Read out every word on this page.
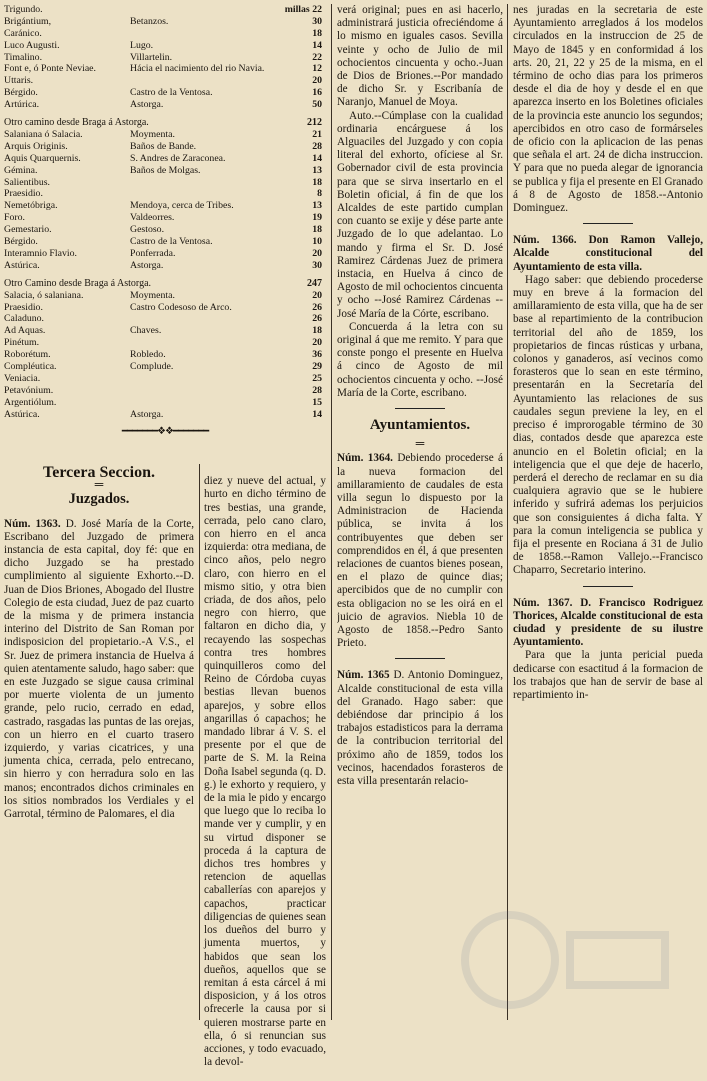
Trigundo.	millas 22
Brigántium,	Betanzos.	30
Caránico.	18
Luco Augusti.	Lugo.	14
Timalino.	Villartelin.	22
Font e, ó Ponte Neviae.	Hácia el nacimiento del rio Navia.	12
Uttaris.	20
Bérgido.	Castro de la Ventosa.	16
Artúrica.	Astorga.	50
Otro camino desde Braga á Astorga.	212
Salaniana ó Salacia.	Moymenta.	21
Arquis Originis.	Baños de Bande.	28
Aquis Quarquernis.	S. Andres de Zaraconea.	14
Gémina.	Baños de Molgas.	13
Salientibus.	18
Praesidio.	8
Nemetóbriga.	Mendoya, cerca de Tribes.	13
Foro.	Valdeorres.	19
Gemestario.	Gestoso.	18
Bérgido.	Castro de la Ventosa.	10
Interamnio Flavio.	Ponferrada.	20
Astúrica.	Astorga.	30
Otro Camino desde Braga á Astorga.	247
Salacia, ó salaniana.	Moymenta.	20
Praesidio.	Castro Codesoso de Arco.	26
Caladuno.	26
Ad Aquas.	Chaves.	18
Pinétum.	20
Roborétum.	Robledo.	36
Compléutica.	Complude.	29
Veniacia.	25
Petavónium.	28
Argentiólum.	15
Astúrica.	Astorga.	14
━━━━━━━❖❖━━━━━━━
Tercera Seccion.
═
Juzgados.

Núm. 1363. D. José María de la Corte, Escribano del Juzgado de primera instancia de esta capital, doy fé: que en dicho Juzgado se ha prestado cumplimiento al siguiente Exhorto.--D. Juan de Dios Briones, Abogado del Ilustre Colegio de esta ciudad, Juez de paz cuarto de la misma y de primera instancia interino del Distrito de San Roman por indisposicion del propietario.-A V.S., el Sr. Juez de primera instancia de Huelva á quien atentamente saludo, hago saber: que en este Juzgado se sigue causa criminal por muerte violenta de un jumento grande, pelo rucio, cerrado en edad, castrado, rasgadas las puntas de las orejas, con un hierro en el cuarto trasero izquierdo, y varias cicatrices, y una jumenta chica, cerrada, pelo entrecano, sin hierro y con herradura solo en las manos; encontrados dichos criminales en los sitios nombrados los Verdiales y el Garrotal, término de Palomares, el dia

diez y nueve del actual, y hurto en dicho término de tres bestias, una grande, cerrada, pelo cano claro, con hierro en el anca izquierda: otra mediana, de cinco años, pelo negro claro, con hierro en el mismo sitio, y otra bien criada, de dos años, pelo negro con hierro, que faltaron en dicho dia, y recayendo las sospechas contra tres hombres quinquilleros como del Reino de Córdoba cuyas bestias llevan buenos aparejos, y sobre ellos angarillas ó capachos; he mandado librar á V. S. el presente por el que de parte de S. M. la Reina Doña Isabel segunda (q. D. g.) le exhorto y requiero, y de la mia le pido y encargo que luego que lo reciba lo mande ver y cumplir, y en su virtud disponer se proceda á la captura de dichos tres hombres y retencion de aquellas caballerías con aparejos y capachos, practicar diligencias de quienes sean los dueños del burro y jumenta muertos, y habidos que sean los dueños, aquellos que se remitan á esta cárcel á mi disposicion, y á los otros ofrecerle la causa por si quieren mostrarse parte en ella, ó si renuncian sus acciones, y todo evacuado, la devol-

verá original; pues en asi hacerlo, administrará justicia ofreciéndome á lo mismo en iguales casos. Sevilla veinte y ocho de Julio de mil ochocientos cincuenta y ocho.-Juan de Dios de Briones.--Por mandado de dicho Sr. y Escribanía de Naranjo, Manuel de Moya.

Auto.--Cúmplase con la cualidad ordinaria encárguese á los Alguaciles del Juzgado y con copia literal del exhorto, ofíciese al Sr. Gobernador civil de esta provincia para que se sirva insertarlo en el Boletin oficial, á fin de que los Alcaldes de este partido cumplan con cuanto se exije y dése parte ante Juzgado de lo que adelantao. Lo mando y firma el Sr. D. José Ramirez Cárdenas Juez de primera instacia, en Huelva á cinco de Agosto de mil ochocientos cincuenta y ocho --José Ramirez Cárdenas -- José María de la Córte, escribano.

Concuerda á la letra con su original á que me remito. Y para que conste pongo el presente en Huelva á cinco de Agosto de mil ochocientos cincuenta y ocho. --José María de la Corte, escribano.

Ayuntamientos.
═

Núm. 1364. Debiendo procederse á la nueva formacion del amillaramiento de caudales de esta villa segun lo dispuesto por la Administracion de Hacienda pública, se invita á los contribuyentes que deben ser comprendidos en él, á que presenten relaciones de cuantos bienes posean, en el plazo de quince dias; apercibidos que de no cumplir con esta obligacion no se les oirá en el juicio de agravios. Niebla 10 de Agosto de 1858.--Pedro Santo Prieto.

Núm. 1365 D. Antonio Dominguez, Alcalde constitucional de esta villa del Granado. Hago saber: que debiéndose dar principio á los trabajos estadisticos para la derrama de la contribucion territorial del próximo año de 1859, todos los vecinos, hacendados forasteros de esta villa presentarán relacio-

nes juradas en la secretaria de este Ayuntamiento arreglados á los modelos circulados en la instruccion de 25 de Mayo de 1845 y en conformidad á los arts. 20, 21, 22 y 25 de la misma, en el término de ocho dias para los primeros desde el dia de hoy y desde el en que aparezca inserto en los Boletines oficiales de la provincia este anuncio los segundos; apercibidos en otro caso de formárseles de oficio con la aplicacion de las penas que señala el art. 24 de dicha instruccion. Y para que no pueda alegar de ignorancia se publica y fija el presente en El Granado á 8 de Agosto de 1858.--Antonio Dominguez.

Núm. 1366. Don Ramon Vallejo, Alcalde constitucional del Ayuntamiento de esta villa.

Hago saber: que debiendo procederse muy en breve á la formacion del amillaramiento de esta villa, que ha de ser base al repartimiento de la contribucion territorial del año de 1859, los propietarios de fincas rústicas y urbana, colonos y ganaderos, así vecinos como forasteros que lo sean en este término, presentarán en la Secretaría del Ayuntamiento las relaciones de sus caudales segun previene la ley, en el preciso é improrogable término de 30 dias, contados desde que aparezca este anuncio en el Boletin oficial; en la inteligencia que el que deje de hacerlo, perderá el derecho de reclamar en su dia cualquiera agravio que se le hubiere inferido y sufrirá ademas los perjuicios que son consiguientes á dicha falta. Y para la comun inteligencia se publica y fija el presente en Rociana á 31 de Julio de 1858.--Ramon Vallejo.--Francisco Chaparro, Secretario interino.

Núm. 1367. D. Francisco Rodriguez Thorices, Alcalde constitucional de esta ciudad y presidente de su ilustre Ayuntamiento.

Para que la junta pericial pueda dedicarse con esactitud á la formacion de los trabajos que han de servir de base al repartimiento in-
